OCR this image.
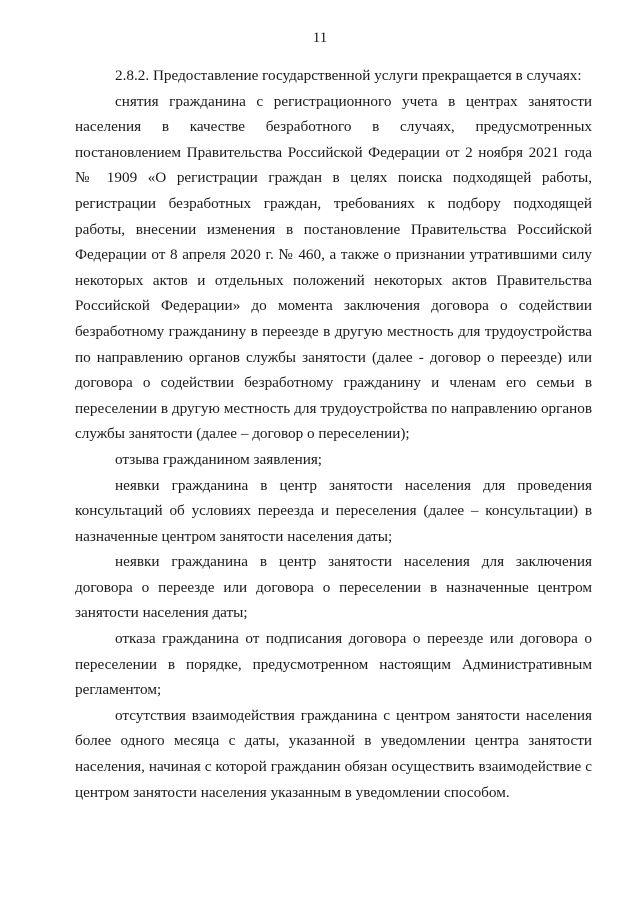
11

2.8.2. Предоставление государственной услуги прекращается в случаях:

снятия гражданина с регистрационного учета в центрах занятости населения в качестве безработного в случаях, предусмотренных постановлением Правительства Российской Федерации от 2 ноября 2021 года № 1909 «О регистрации граждан в целях поиска подходящей работы, регистрации безработных граждан, требованиях к подбору подходящей работы, внесении изменения в постановление Правительства Российской Федерации от 8 апреля 2020 г. № 460, а также о признании утратившими силу некоторых актов и отдельных положений некоторых актов Правительства Российской Федерации» до момента заключения договора о содействии безработному гражданину в переезде в другую местность для трудоустройства по направлению органов службы занятости (далее - договор о переезде) или договора о содействии безработному гражданину и членам его семьи в переселении в другую местность для трудоустройства по направлению органов службы занятости (далее – договор о переселении);

отзыва гражданином заявления;

неявки гражданина в центр занятости населения для проведения консультаций об условиях переезда и переселения (далее – консультации) в назначенные центром занятости населения даты;

неявки гражданина в центр занятости населения для заключения договора о переезде или договора о переселении в назначенные центром занятости населения даты;

отказа гражданина от подписания договора о переезде или договора о переселении в порядке, предусмотренном настоящим Административным регламентом;

отсутствия взаимодействия гражданина с центром занятости населения более одного месяца с даты, указанной в уведомлении центра занятости населения, начиная с которой гражданин обязан осуществить взаимодействие с центром занятости населения указанным в уведомлении способом.
